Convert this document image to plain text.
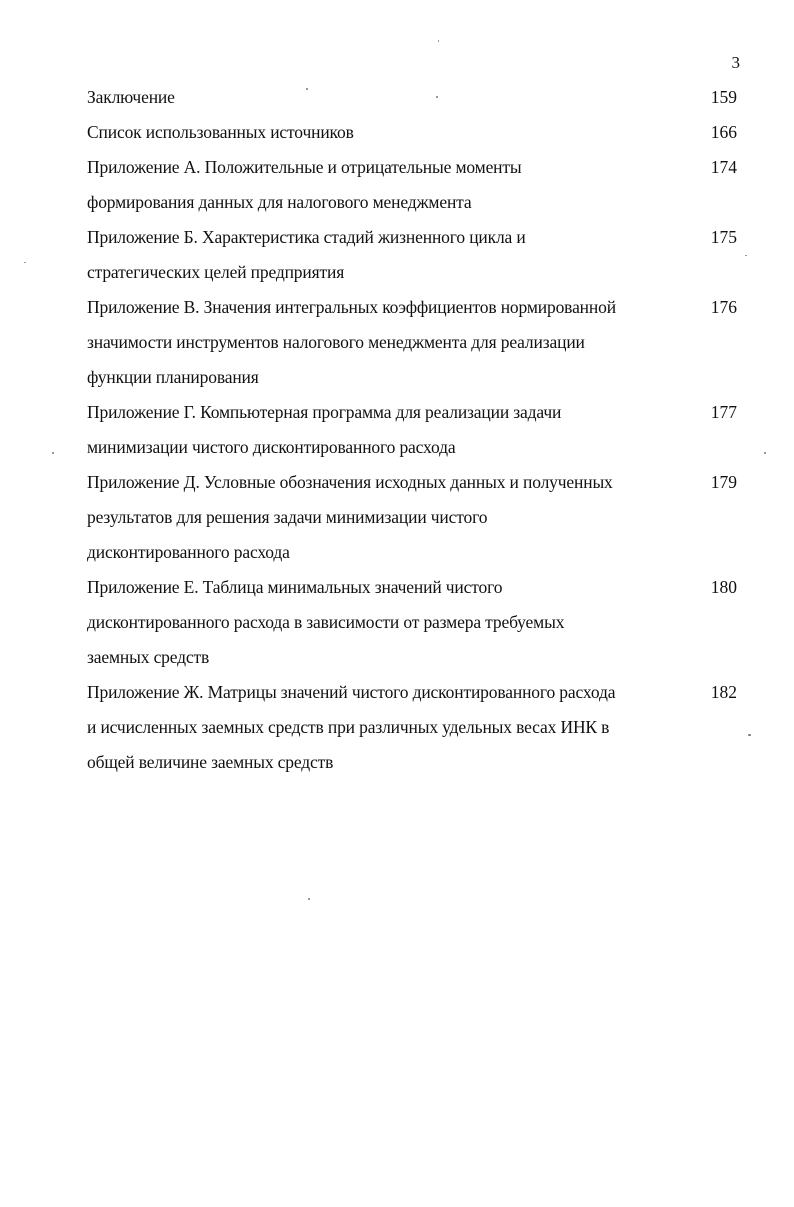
3
Заключение	159
Список использованных источников	166
Приложение А. Положительные и отрицательные моменты
формирования данных для налогового менеджмента
174
Приложение Б. Характеристика стадий жизненного цикла и
стратегических целей предприятия
175
Приложение В. Значения интегральных коэффициентов нормированной
значимости инструментов налогового менеджмента для реализации
функции планирования
176
Приложение Г. Компьютерная программа для реализации задачи
минимизации чистого дисконтированного расхода
177
Приложение Д. Условные обозначения исходных данных и полученных
результатов для решения задачи минимизации чистого
дисконтированного расхода
179
Приложение Е. Таблица минимальных значений чистого
дисконтированного расхода в зависимости от размера требуемых
заемных средств
180
Приложение Ж. Матрицы значений чистого дисконтированного расхода
и исчисленных заемных средств при различных удельных весах ИНК в
общей величине заемных средств
182
